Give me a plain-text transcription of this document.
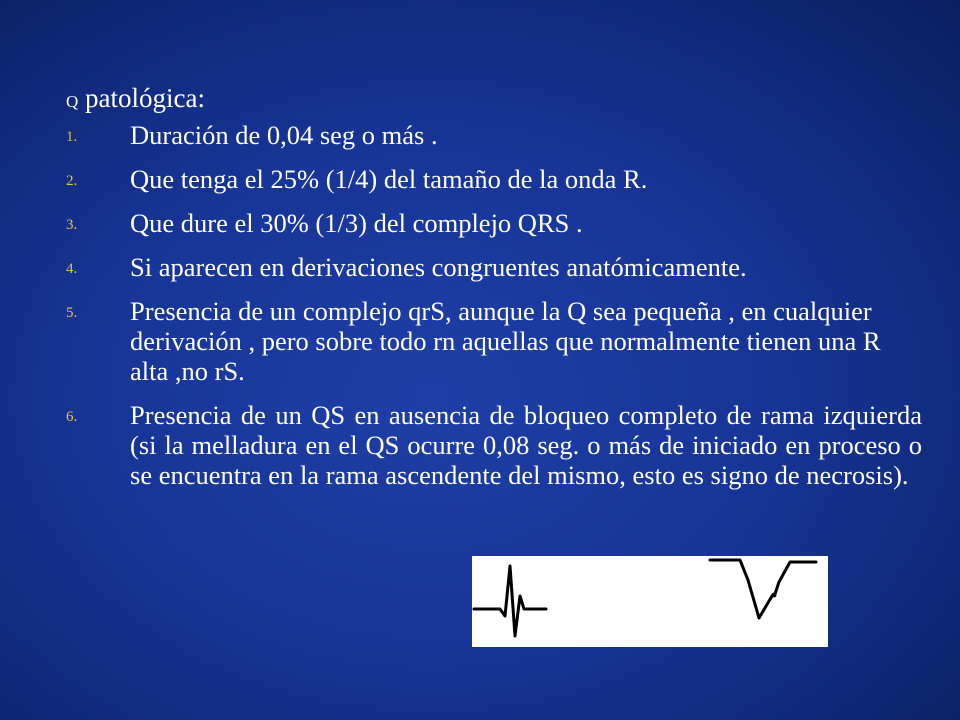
Q patológica:
1. Duración de 0,04 seg o más .
2. Que tenga el 25% (1/4) del tamaño de la onda R.
3. Que dure el 30% (1/3) del complejo QRS .
4. Si aparecen en derivaciones congruentes anatómicamente.
5. Presencia de un complejo qrS, aunque la Q sea pequeña , en cualquier derivación , pero sobre todo rn aquellas que normalmente tienen una R alta ,no rS.
6. Presencia de un QS en ausencia de bloqueo completo de rama izquierda (si la melladura en el QS ocurre 0,08 seg. o más de iniciado en proceso o se encuentra en la rama ascendente del mismo, esto es signo de necrosis).
